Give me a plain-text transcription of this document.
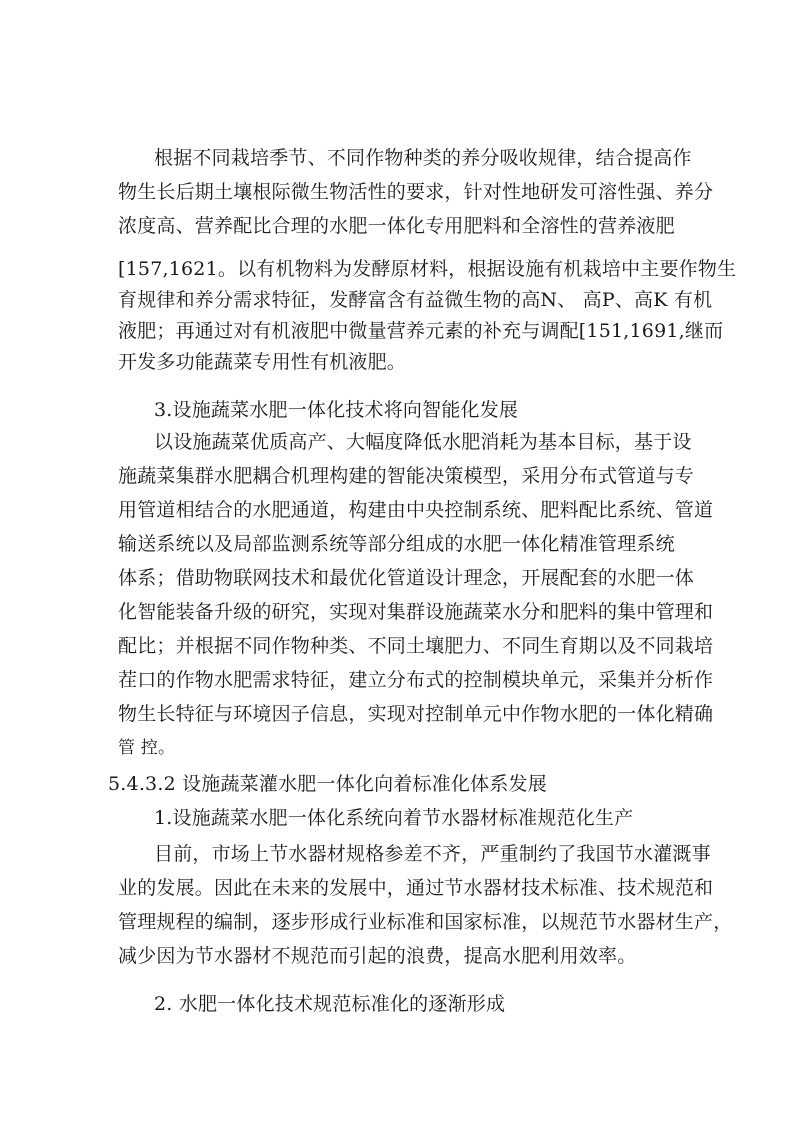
根据不同栽培季节、不同作物种类的养分吸收规律，结合提高作
物生长后期土壤根际微生物活性的要求，针对性地研发可溶性强、养分
浓度高、营养配比合理的水肥一体化专用肥料和全溶性的营养液肥
[157,1621。以有机物料为发酵原材料，根据设施有机栽培中主要作物生
育规律和养分需求特征，发酵富含有益微生物的高N、 高P、高K 有机
液肥；再通过对有机液肥中微量营养元素的补充与调配[151,1691,继而
开发多功能蔬菜专用性有机液肥。
3.设施蔬菜水肥一体化技术将向智能化发展
以设施蔬菜优质高产、大幅度降低水肥消耗为基本目标，基于设
施蔬菜集群水肥耦合机理构建的智能决策模型，采用分布式管道与专
用管道相结合的水肥通道，构建由中央控制系统、肥料配比系统、管道
输送系统以及局部监测系统等部分组成的水肥一体化精准管理系统
体系；借助物联网技术和最优化管道设计理念，开展配套的水肥一体
化智能装备升级的研究，实现对集群设施蔬菜水分和肥料的集中管理和
配比；并根据不同作物种类、不同土壤肥力、不同生育期以及不同栽培
茬口的作物水肥需求特征，建立分布式的控制模块单元，采集并分析作
物生长特征与环境因子信息，实现对控制单元中作物水肥的一体化精确
管 控。
5.4.3.2 设施蔬菜灌水肥一体化向着标准化体系发展
1.设施蔬菜水肥一体化系统向着节水器材标准规范化生产
目前，市场上节水器材规格参差不齐，严重制约了我国节水灌溉事
业的发展。因此在未来的发展中，通过节水器材技术标准、技术规范和
管理规程的编制，逐步形成行业标准和国家标准，以规范节水器材生产，
减少因为节水器材不规范而引起的浪费，提高水肥利用效率。
2. 水肥一体化技术规范标准化的逐渐形成
